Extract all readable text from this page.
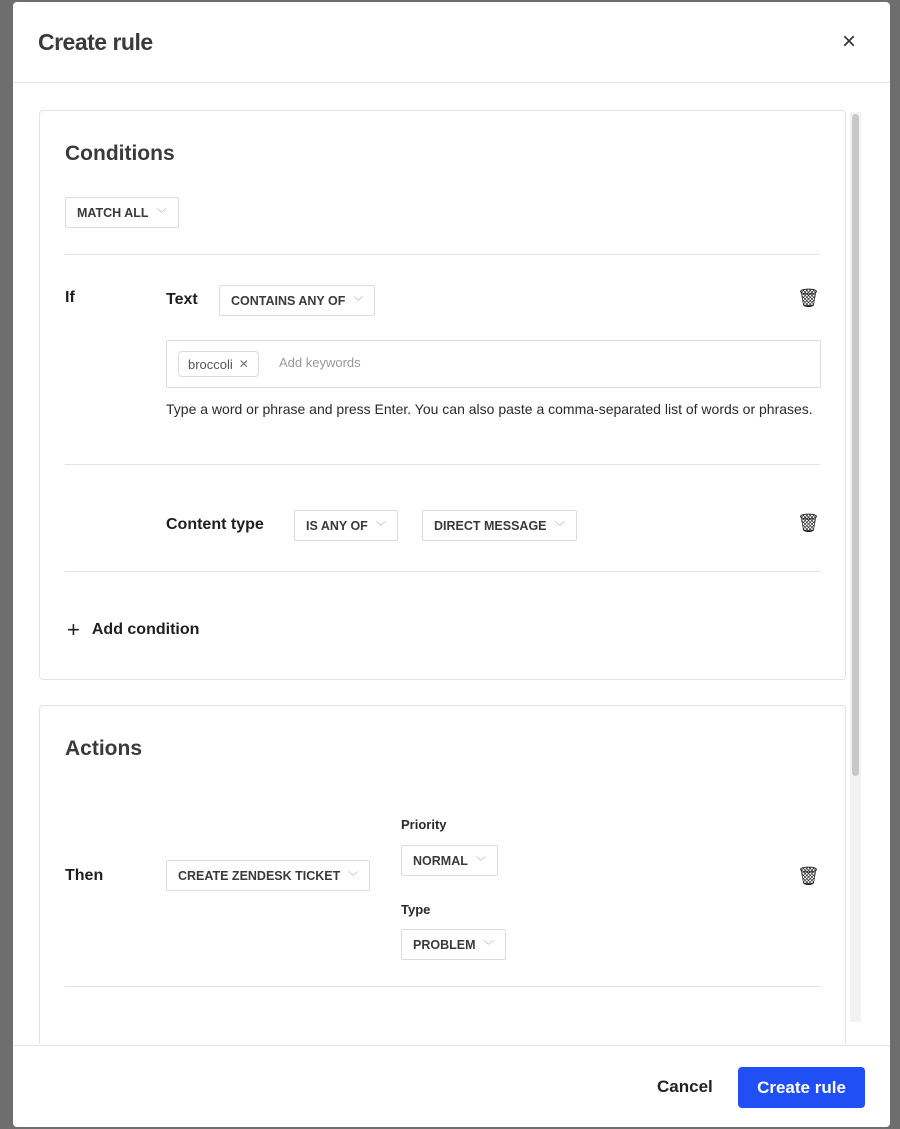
Create rule	×
Conditions
MATCH ALL ﹀
If	Text	CONTAINS ANY OF ﹀	🗑
broccoli ✕
Add keywords
Type a word or phrase and press Enter. You can also paste a comma-separated list of words or phrases.
Content type	IS ANY OF ﹀	DIRECT MESSAGE ﹀	🗑
+ Add condition
Actions
Then	CREATE ZENDESK TICKET ﹀
Priority
NORMAL ﹀
Type
PROBLEM ﹀
🗑
Cancel	Create rule
